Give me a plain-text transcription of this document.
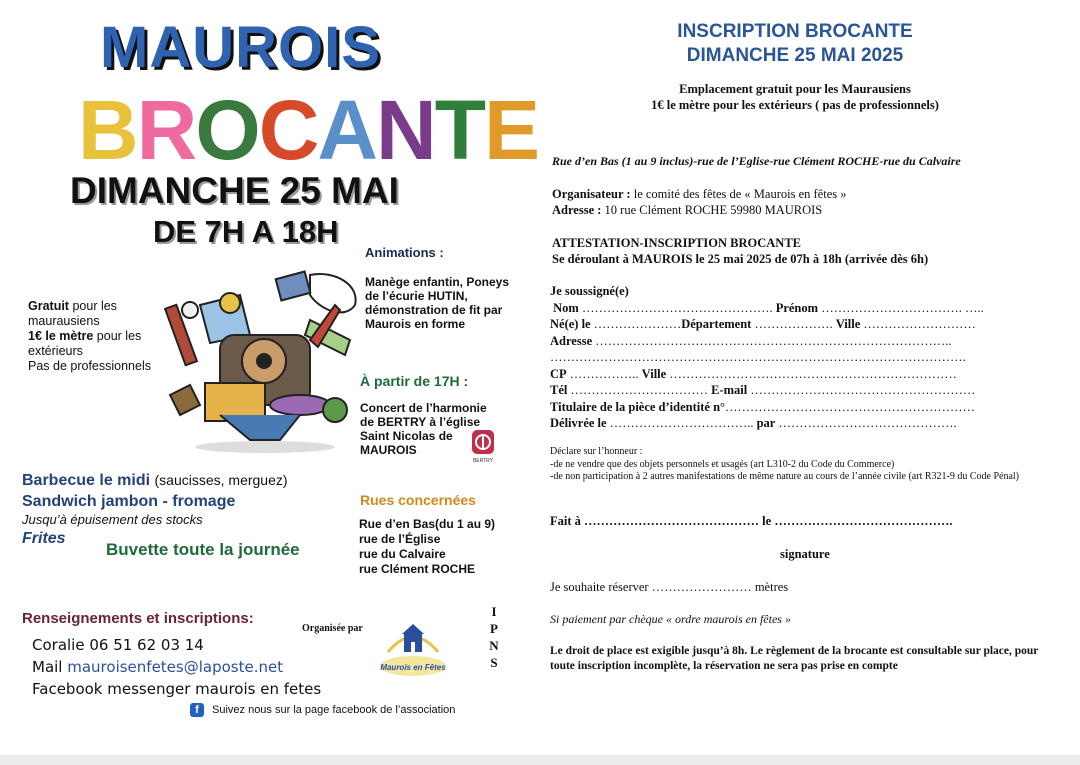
MAUROIS
BROCANTE
DIMANCHE 25 MAI
DE 7H A 18H
Gratuit pour les maurausiens
1€ le mètre pour les extérieurs
Pas de professionnels
Animations :
Manège enfantin, Poneys de l’écurie HUTIN, démonstration de fit par Maurois en forme
À partir de 17H :
Concert de l’harmonie de BERTRY à l’église Saint Nicolas de MAUROIS
BERTRY
Barbecue le midi (saucisses, merguez)
Sandwich jambon - fromage
Jusqu’à épuisement des stocks
Frites
Buvette toute la journée
Rues concernées
Rue d’en Bas(du 1 au 9)
rue de l’Église
rue du Calvaire
rue Clément ROCHE
Renseignements et inscriptions:
Organisée par
Maurois en Fêtes
I
P
N
S
Coralie 06 51 62 03 14
Mail mauroisenfetes@laposte.net
Facebook messenger maurois en fetes
f Suivez nous sur la page facebook de l’association
INSCRIPTION BROCANTE
DIMANCHE 25 MAI 2025
Emplacement gratuit pour les Maurausiens
1€ le mètre pour les extérieurs ( pas de professionnels)
Rue d’en Bas (1 au 9 inclus)-rue de l’Eglise-rue Clément ROCHE-rue du Calvaire
Organisateur : le comité des fêtes de « Maurois en fêtes »
Adresse : 10 rue Clément ROCHE 59980 MAUROIS
ATTESTATION-INSCRIPTION BROCANTE
Se déroulant à MAUROIS le 25 mai 2025 de 07h à 18h (arrivée dès 6h)
Je soussigné(e)
Nom ………………………………………. Prénom ……………………………. …..
Né(e) le …………………Département ………………. Ville ………………………
Adresse …………………………………………………………………………..
……………………………………………………………………………………….
CP …………….. Ville ……………………………………………………………
Tél …………………………… E-mail ………………………………………………
Titulaire de la pièce d’identité n°……………………………………………………
Délivrée le …………………………….. par …………………………………….
Déclare sur l’honneur :
-de ne vendre que des objets personnels et usagés (art L310-2 du Code du Commerce)
-de non participation à 2 autres manifestations de même nature au cours de l’année civile (art R321-9 du Code Pénal)
Fait à …………………………………… le …………………………………….
signature
Je souhaite réserver …………………… mètres
Si paiement par chèque « ordre maurois en fêtes »
Le droit de place est exigible jusqu’à 8h. Le règlement de la brocante est consultable sur place, pour toute inscription incomplète, la réservation ne sera pas prise en compte
